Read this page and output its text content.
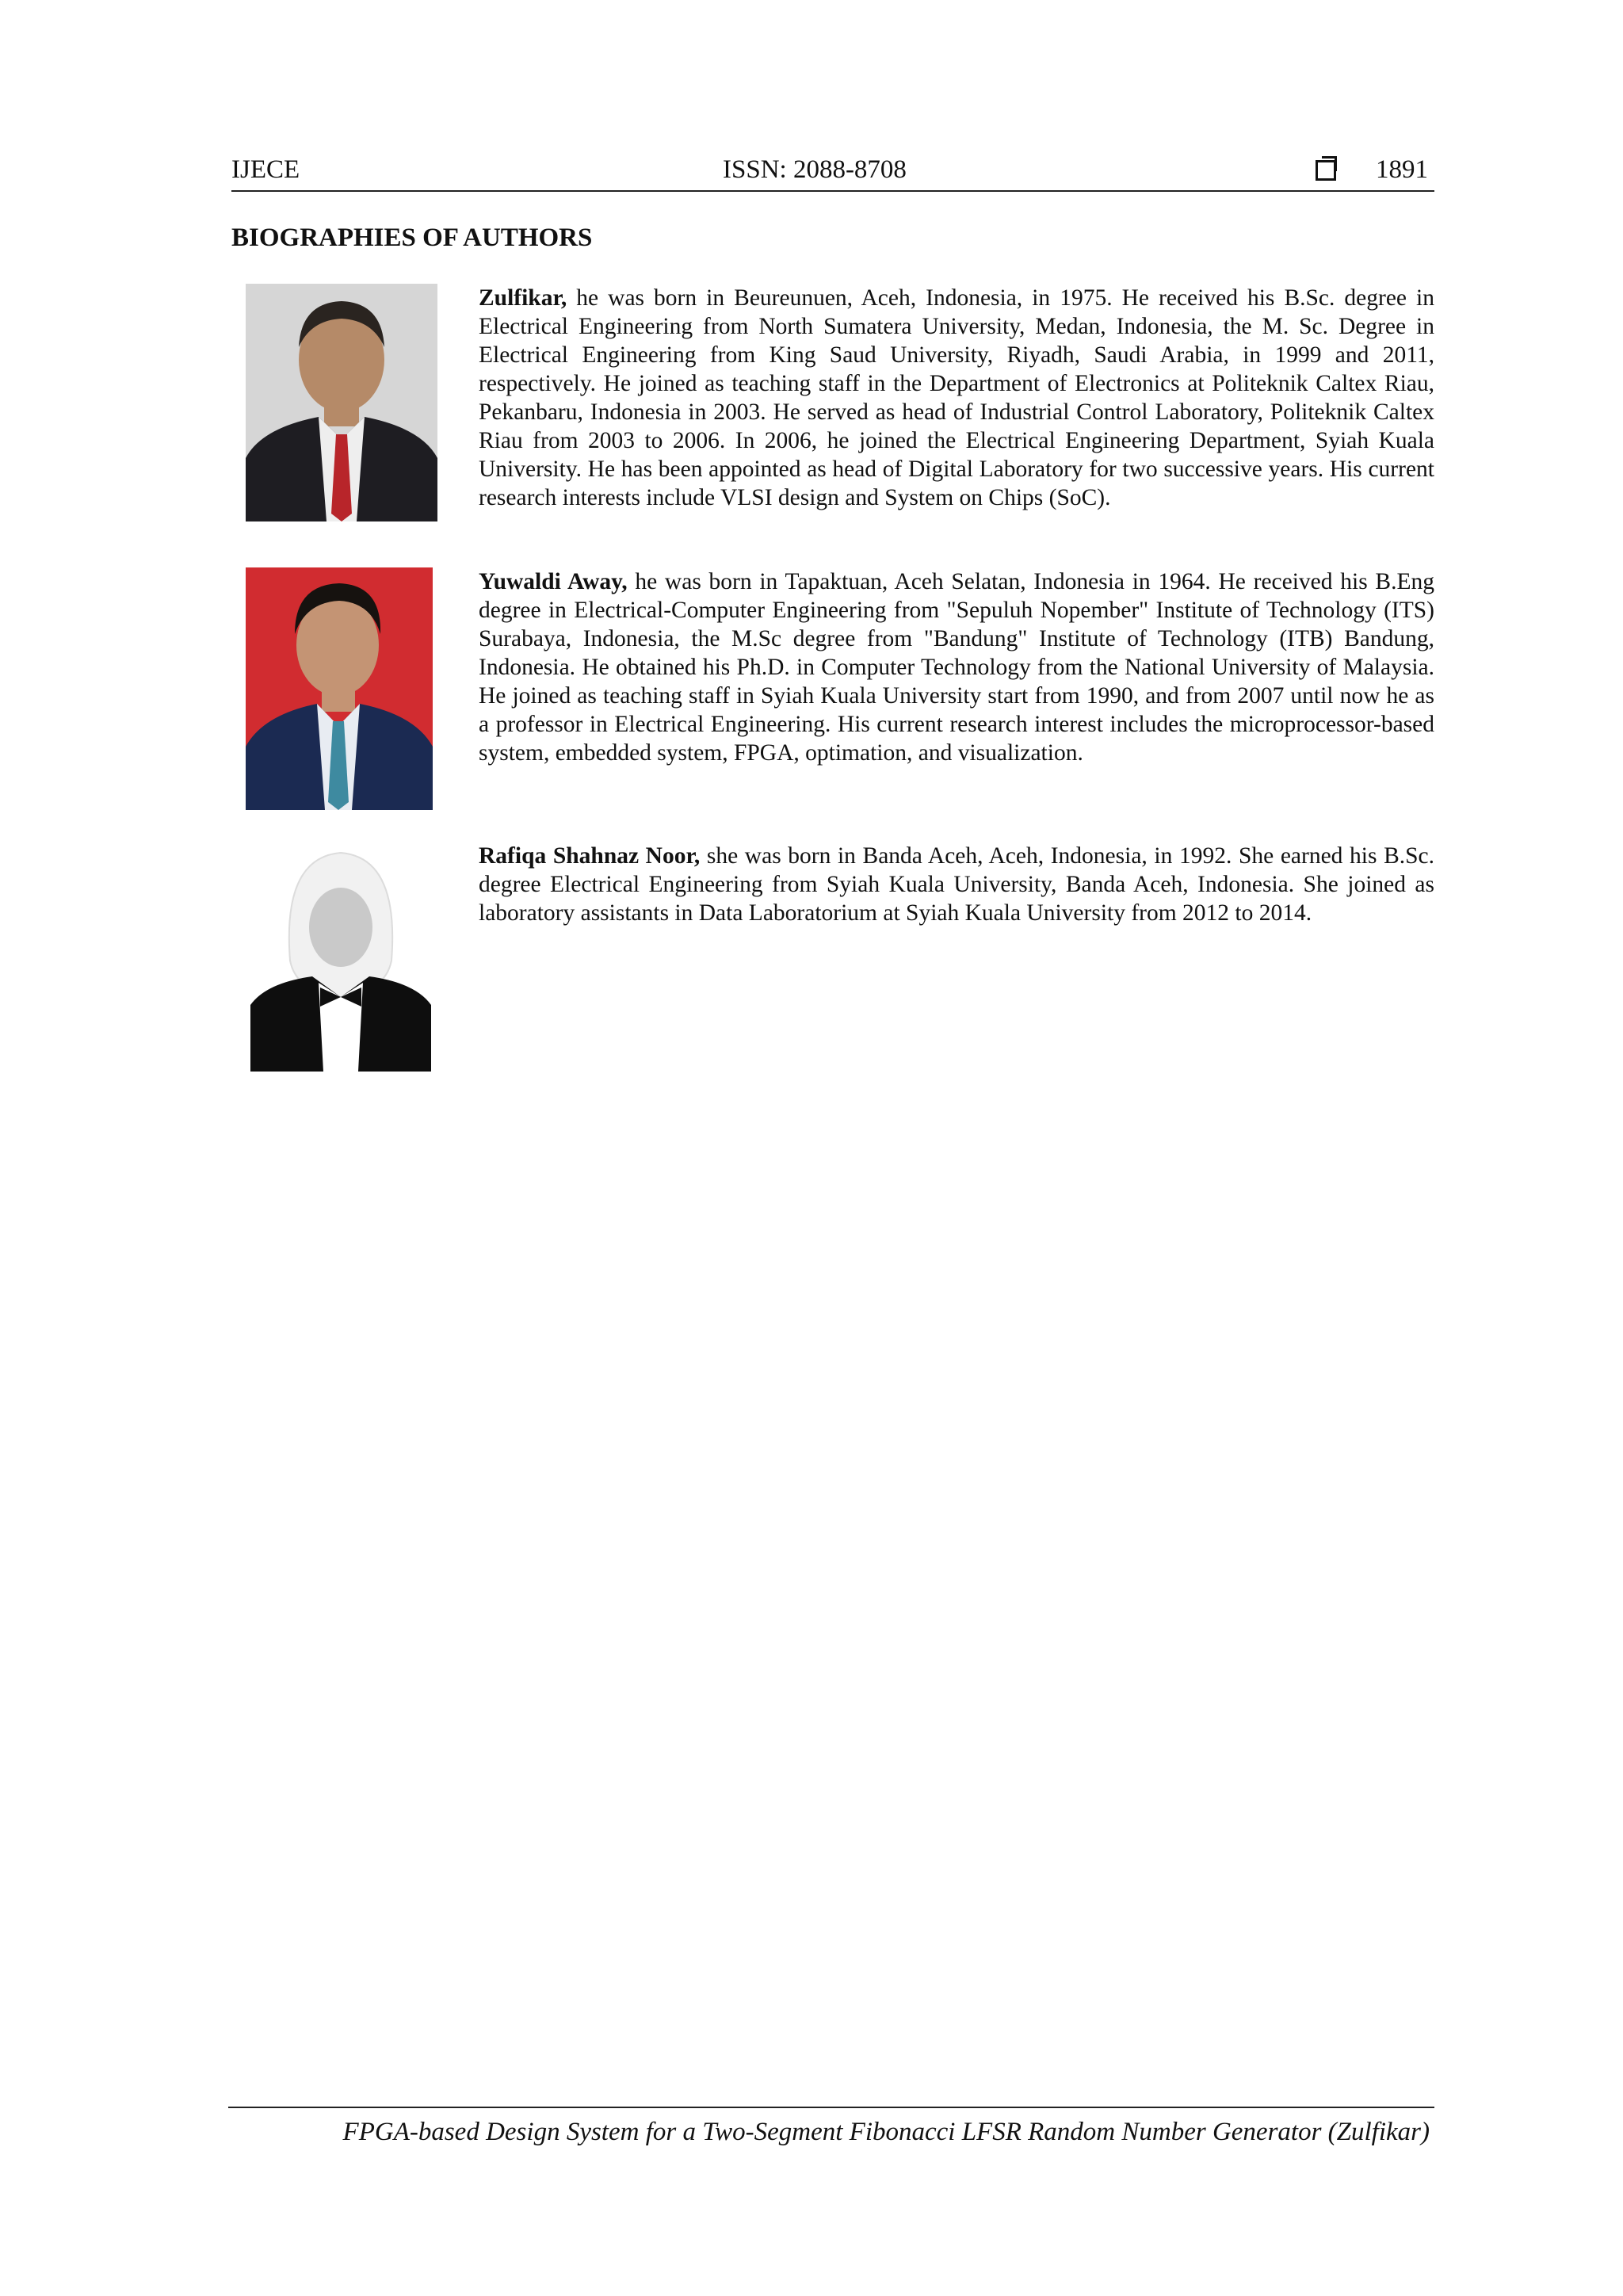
IJECE	ISSN: 2088-8708	1891
BIOGRAPHIES OF AUTHORS
Zulfikar, he was born in Beureunuen, Aceh, Indonesia, in 1975. He received his B.Sc. degree in Electrical Engineering from North Sumatera University, Medan, Indonesia, the M. Sc. Degree in Electrical Engineering from King Saud University, Riyadh, Saudi Arabia, in 1999 and 2011, respectively. He joined as teaching staff in the Department of Electronics at Politeknik Caltex Riau, Pekanbaru, Indonesia in 2003. He served as head of Industrial Control Laboratory, Politeknik Caltex Riau from 2003 to 2006. In 2006, he joined the Electrical Engineering Department, Syiah Kuala University. He has been appointed as head of Digital Laboratory for two successive years. His current research interests include VLSI design and System on Chips (SoC).
Yuwaldi Away, he was born in Tapaktuan, Aceh Selatan, Indonesia in 1964. He received his B.Eng degree in Electrical-Computer Engineering from "Sepuluh Nopember" Institute of Technology (ITS) Surabaya, Indonesia, the M.Sc degree from "Bandung" Institute of Technology (ITB) Bandung, Indonesia. He obtained his Ph.D. in Computer Technology from the National University of Malaysia. He joined as teaching staff in Syiah Kuala University start from 1990, and from 2007 until now he as a professor in Electrical Engineering. His current research interest includes the microprocessor-based system, embedded system, FPGA, optimation, and visualization.
Rafiqa Shahnaz Noor, she was born in Banda Aceh, Aceh, Indonesia, in 1992. She earned his B.Sc. degree Electrical Engineering from Syiah Kuala University, Banda Aceh, Indonesia. She joined as laboratory assistants in Data Laboratorium at Syiah Kuala University from 2012 to 2014.
FPGA-based Design System for a Two-Segment Fibonacci LFSR Random Number Generator (Zulfikar)
